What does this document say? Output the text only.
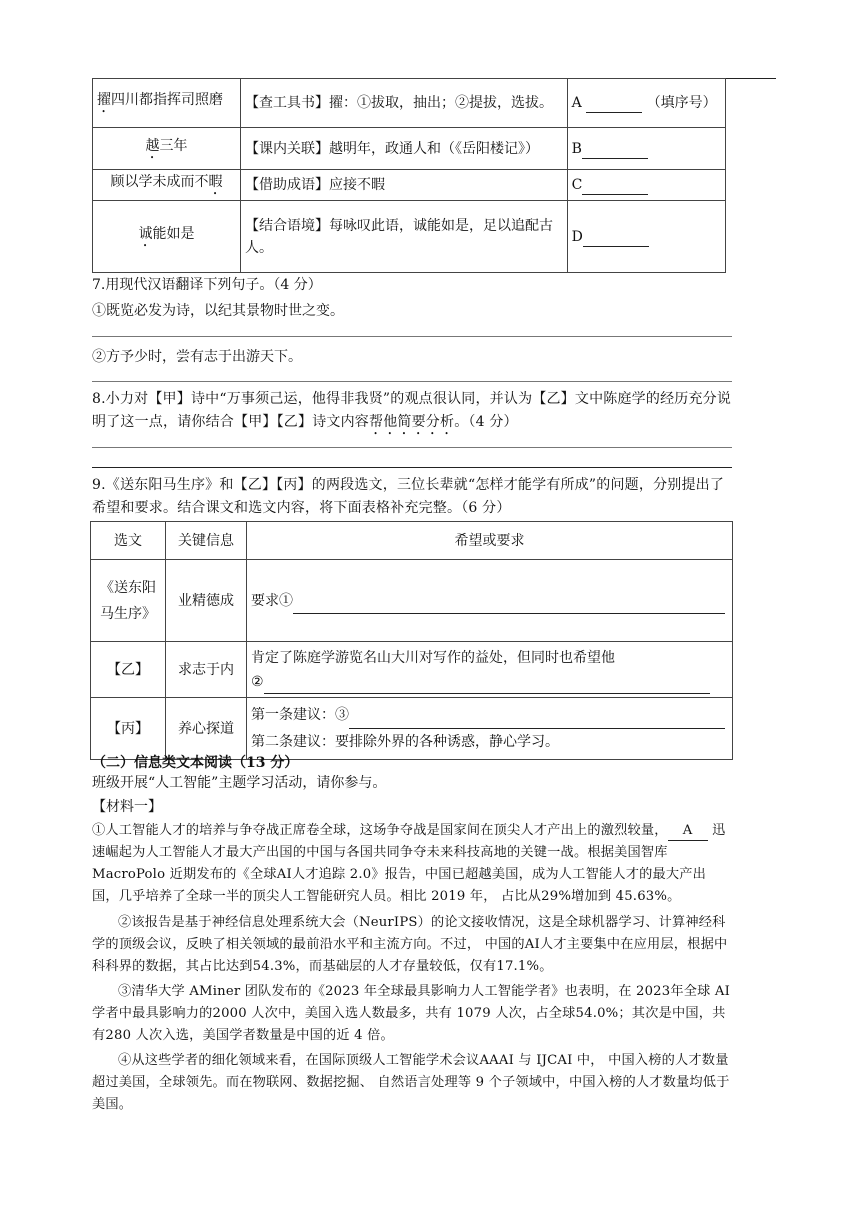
擢四川都指挥司照磨	【查工具书】擢：①拔取，抽出；②提拔，选拔。	A （填序号）
越三年	【课内关联】越明年，政通人和（《岳阳楼记》）	B
顾以学未成而不暇	【借助成语】应接不暇	C
诚能如是	【结合语境】每咏叹此语，诚能如是，足以追配古人。	D
7.用现代汉语翻译下列句子。（4 分）
①既览必发为诗，以纪其景物时世之变。
②方予少时，尝有志于出游天下。

8.小力对【甲】诗中“万事须己运，他得非我贤”的观点很认同，并认为【乙】文中陈庭学的经历充分说明了这一点，请你结合【甲】【乙】诗文内容帮他简要分析。（4 分）

9.《送东阳马生序》和【乙】【丙】的两段选文，三位长辈就“怎样才能学有所成”的问题，分别提出了希望和要求。结合课文和选文内容，将下面表格补充完整。（6 分）

选文	关键信息	希望或要求
《送东阳马生序》	业精德成	要求①
【乙】	求志于内	肯定了陈庭学游览名山大川对写作的益处，但同时也希望他
②

【丙】	养心探道	第一条建议：③
第二条建议：要排除外界的各种诱惑，静心学习。
（二）信息类文本阅读（13 分）
班级开展“人工智能”主题学习活动，请你参与。
【材料一】

①人工智能人才的培养与争夺战正席卷全球，这场争夺战是国家间在顶尖人才产出上的激烈较量， A 迅速崛起为人工智能人才最大产出国的中国与各国共同争夺未来科技高地的关键一战。根据美国智库 MacroPolo 近期发布的《全球AI人才追踪 2.0》报告，中国已超越美国，成为人工智能人才的最大产出国，几乎培养了全球一半的顶尖人工智能研究人员。相比 2019 年， 占比从29%增加到 45.63%。

②该报告是基于神经信息处理系统大会（NeurIPS）的论文接收情况，这是全球机器学习、计算神经科学的顶级会议，反映了相关领域的最前沿水平和主流方向。不过， 中国的AI人才主要集中在应用层，根据中科科界的数据，其占比达到54.3%，而基础层的人才存量较低，仅有17.1%。

③清华大学 AMiner 团队发布的《2023 年全球最具影响力人工智能学者》也表明，在 2023年全球 AI 学者中最具影响力的2000 人次中，美国入选人数最多，共有 1079 人次，占全球54.0%；其次是中国，共有280 人次入选，美国学者数量是中国的近 4 倍。

④从这些学者的细化领域来看，在国际顶级人工智能学术会议AAAI 与 IJCAI 中， 中国入榜的人才数量超过美国，全球领先。而在物联网、数据挖掘、 自然语言处理等 9 个子领域中，中国入榜的人才数量均低于美国。
